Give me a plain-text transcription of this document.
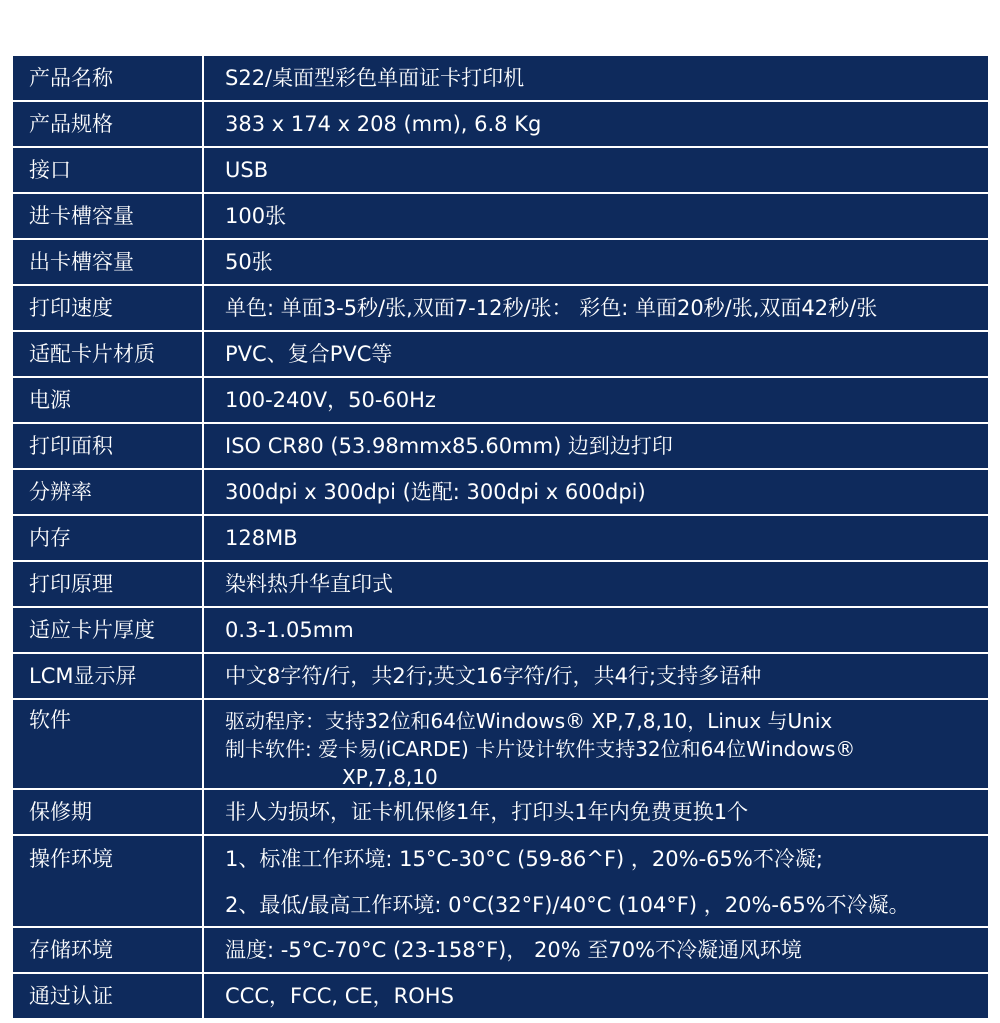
产品名称	S22/桌面型彩色单面证卡打印机
产品规格	383 x 174 x 208 (mm), 6.8 Kg
接口	USB
进卡槽容量	100张
出卡槽容量	50张
打印速度	单色: 单面3-5秒/张,双面7-12秒/张： 彩色: 单面20秒/张,双面42秒/张
适配卡片材质	PVC、复合PVC等
电源	100-240V，50-60Hz
打印面积	ISO CR80 (53.98mmx85.60mm) 边到边打印
分辨率	300dpi x 300dpi (选配: 300dpi x 600dpi)
内存	128MB
打印原理	染料热升华直印式
适应卡片厚度	0.3-1.05mm
LCM显示屏	中文8字符/行，共2行;英文16字符/行，共4行;支持多语种
软件	驱动程序：支持32位和64位Windows® XP,7,8,10，Linux 与Unix
制卡软件: 爱卡易(iCARDE) 卡片设计软件支持32位和64位Windows®
XP,7,8,10
保修期	非人为损坏，证卡机保修1年，打印头1年内免费更换1个
操作环境	1、标准工作环境: 15°C-30°C (59-86^F) ，20%-65%不冷凝;
2、最低/最高工作环境: 0°C(32°F)/40°C (104°F) ，20%-65%不冷凝。
存储环境	温度: -5°C-70°C (23-158°F)， 20% 至70%不冷凝通风环境
通过认证	CCC，FCC, CE，ROHS
